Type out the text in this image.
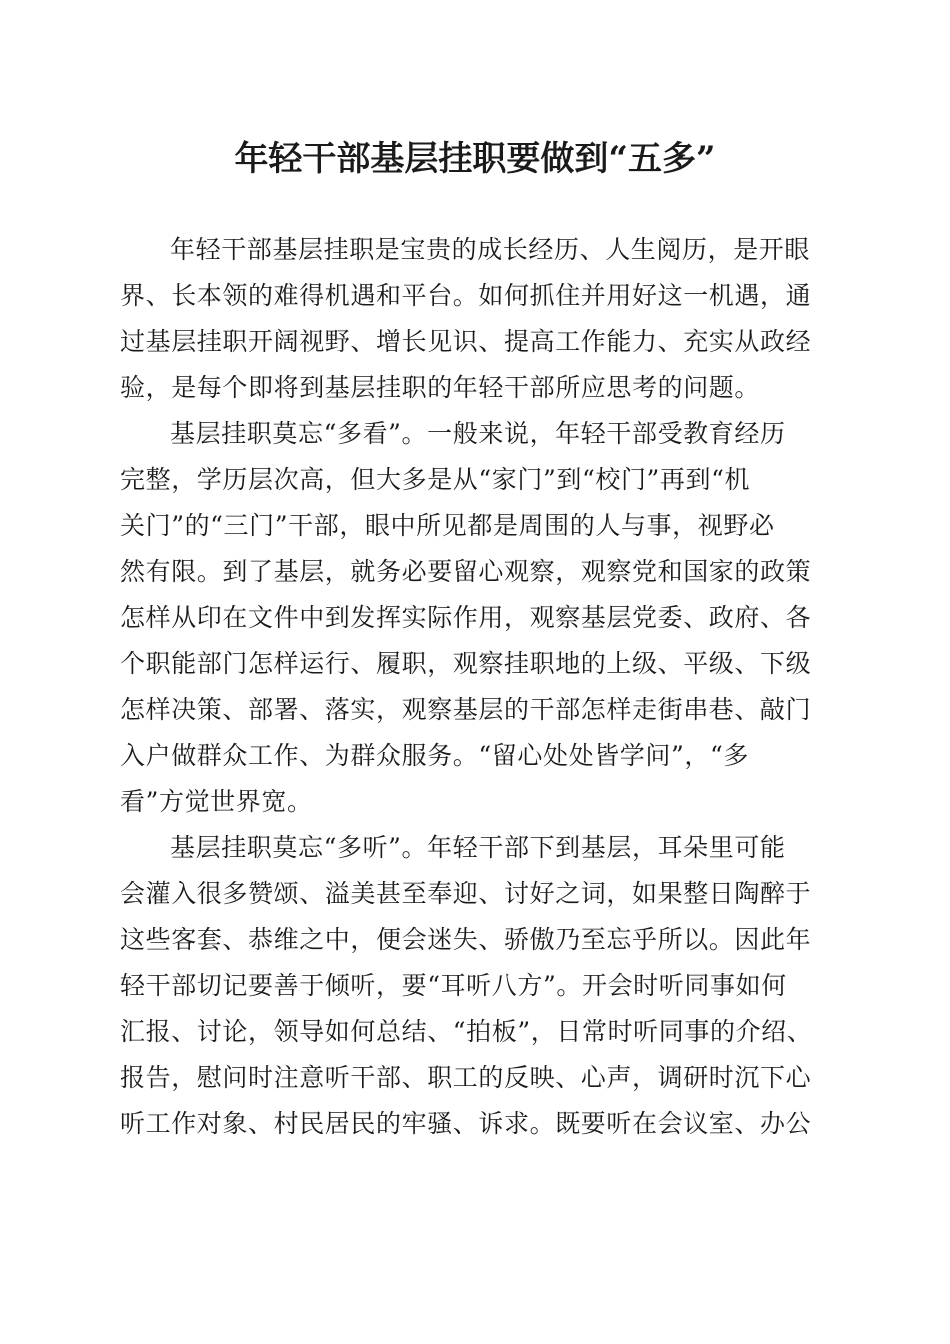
年轻干部基层挂职要做到“五多”

年轻干部基层挂职是宝贵的成长经历、人生阅历，是开眼

界、长本领的难得机遇和平台。如何抓住并用好这一机遇，通

过基层挂职开阔视野、增长见识、提高工作能力、充实从政经

验，是每个即将到基层挂职的年轻干部所应思考的问题。

基层挂职莫忘“多看”。一般来说，年轻干部受教育经历

完整，学历层次高，但大多是从“家门”到“校门”再到“机

关门”的“三门”干部，眼中所见都是周围的人与事，视野必

然有限。到了基层，就务必要留心观察，观察党和国家的政策

怎样从印在文件中到发挥实际作用，观察基层党委、政府、各

个职能部门怎样运行、履职，观察挂职地的上级、平级、下级

怎样决策、部署、落实，观察基层的干部怎样走街串巷、敲门

入户做群众工作、为群众服务。“留心处处皆学问”，“多

看”方觉世界宽。

基层挂职莫忘“多听”。年轻干部下到基层，耳朵里可能

会灌入很多赞颂、溢美甚至奉迎、讨好之词，如果整日陶醉于

这些客套、恭维之中，便会迷失、骄傲乃至忘乎所以。因此年

轻干部切记要善于倾听，要“耳听八方”。开会时听同事如何

汇报、讨论，领导如何总结、“拍板”，日常时听同事的介绍、

报告，慰问时注意听干部、职工的反映、心声，调研时沉下心

听工作对象、村民居民的牢骚、诉求。既要听在会议室、办公
